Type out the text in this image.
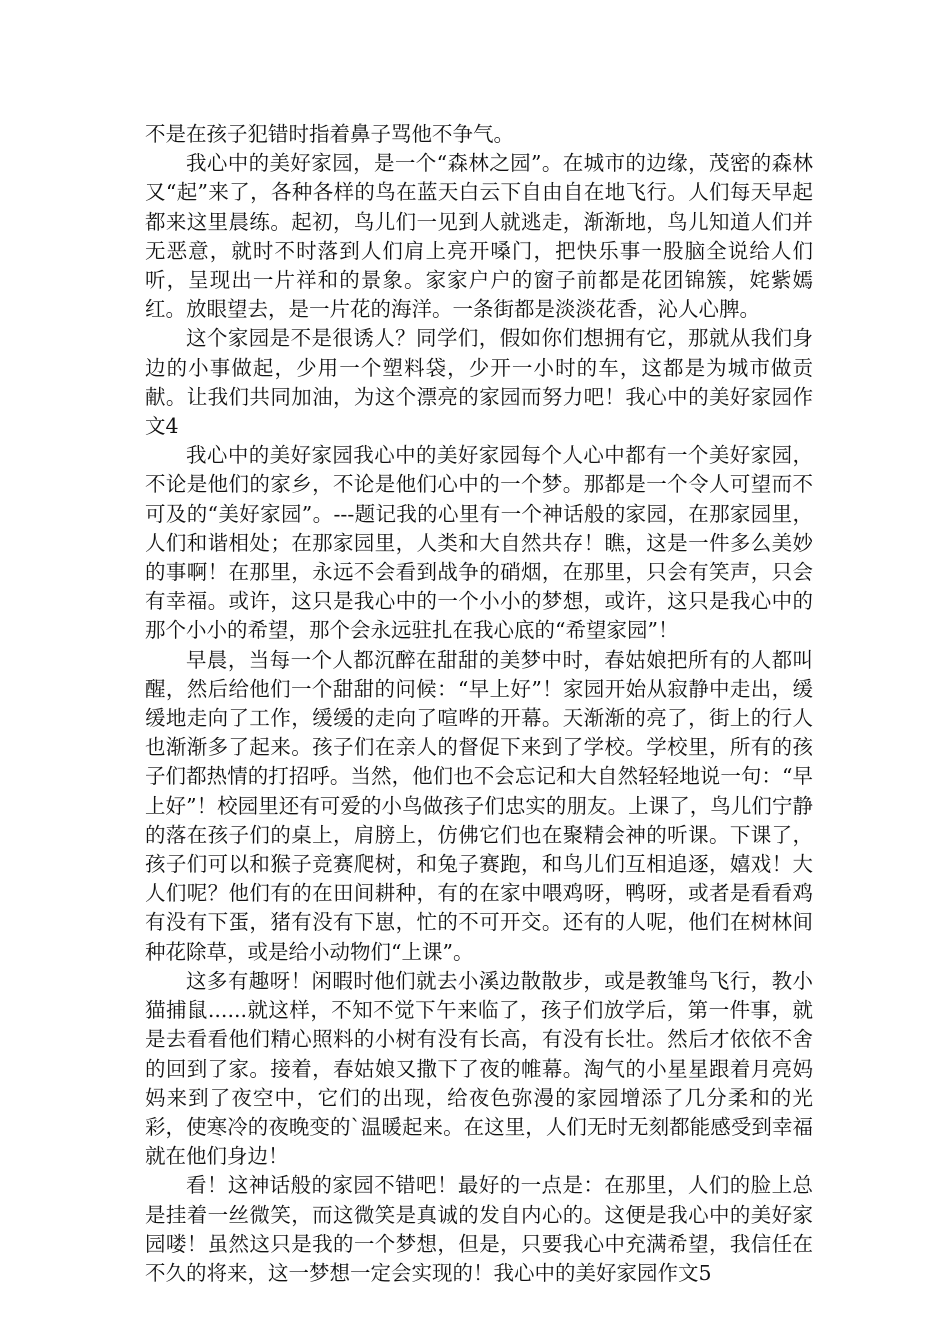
不是在孩子犯错时指着鼻子骂他不争气。

我心中的美好家园，是一个“森林之园”。在城市的边缘，茂密的森林又“起”来了，各种各样的鸟在蓝天白云下自由自在地飞行。人们每天早起都来这里晨练。起初，鸟儿们一见到人就逃走，渐渐地，鸟儿知道人们并无恶意，就时不时落到人们肩上亮开嗓门，把快乐事一股脑全说给人们听，呈现出一片祥和的景象。家家户户的窗子前都是花团锦簇，姹紫嫣红。放眼望去，是一片花的海洋。一条街都是淡淡花香，沁人心脾。

这个家园是不是很诱人？同学们，假如你们想拥有它，那就从我们身边的小事做起，少用一个塑料袋，少开一小时的车，这都是为城市做贡献。让我们共同加油，为这个漂亮的家园而努力吧！我心中的美好家园作文4

我心中的美好家园我心中的美好家园每个人心中都有一个美好家园，不论是他们的家乡，不论是他们心中的一个梦。那都是一个令人可望而不可及的“美好家园”。---题记我的心里有一个神话般的家园，在那家园里，人们和谐相处；在那家园里，人类和大自然共存！瞧，这是一件多么美妙的事啊！在那里，永远不会看到战争的硝烟，在那里，只会有笑声，只会有幸福。或许，这只是我心中的一个小小的梦想，或许，这只是我心中的那个小小的希望，那个会永远驻扎在我心底的“希望家园”！

早晨，当每一个人都沉醉在甜甜的美梦中时，春姑娘把所有的人都叫醒，然后给他们一个甜甜的问候：“早上好”！家园开始从寂静中走出，缓缓地走向了工作，缓缓的走向了喧哗的开幕。天渐渐的亮了，街上的行人也渐渐多了起来。孩子们在亲人的督促下来到了学校。学校里，所有的孩子们都热情的打招呼。当然，他们也不会忘记和大自然轻轻地说一句：“早上好”！校园里还有可爱的小鸟做孩子们忠实的朋友。上课了，鸟儿们宁静的落在孩子们的桌上，肩膀上，仿佛它们也在聚精会神的听课。下课了，孩子们可以和猴子竞赛爬树，和兔子赛跑，和鸟儿们互相追逐，嬉戏！大人们呢？他们有的在田间耕种，有的在家中喂鸡呀，鸭呀，或者是看看鸡有没有下蛋，猪有没有下崽，忙的不可开交。还有的人呢，他们在树林间种花除草，或是给小动物们“上课”。

这多有趣呀！闲暇时他们就去小溪边散散步，或是教雏鸟飞行，教小猫捕鼠......就这样，不知不觉下午来临了，孩子们放学后，第一件事，就是去看看他们精心照料的小树有没有长高，有没有长壮。然后才依依不舍的回到了家。接着，春姑娘又撒下了夜的帷幕。淘气的小星星跟着月亮妈妈来到了夜空中，它们的出现，给夜色弥漫的家园增添了几分柔和的光彩，使寒冷的夜晚变的`温暖起来。在这里，人们无时无刻都能感受到幸福就在他们身边！

看！这神话般的家园不错吧！最好的一点是：在那里，人们的脸上总是挂着一丝微笑，而这微笑是真诚的发自内心的。这便是我心中的美好家园喽！虽然这只是我的一个梦想，但是，只要我心中充满希望，我信任在不久的将来，这一梦想一定会实现的！我心中的美好家园作文5
